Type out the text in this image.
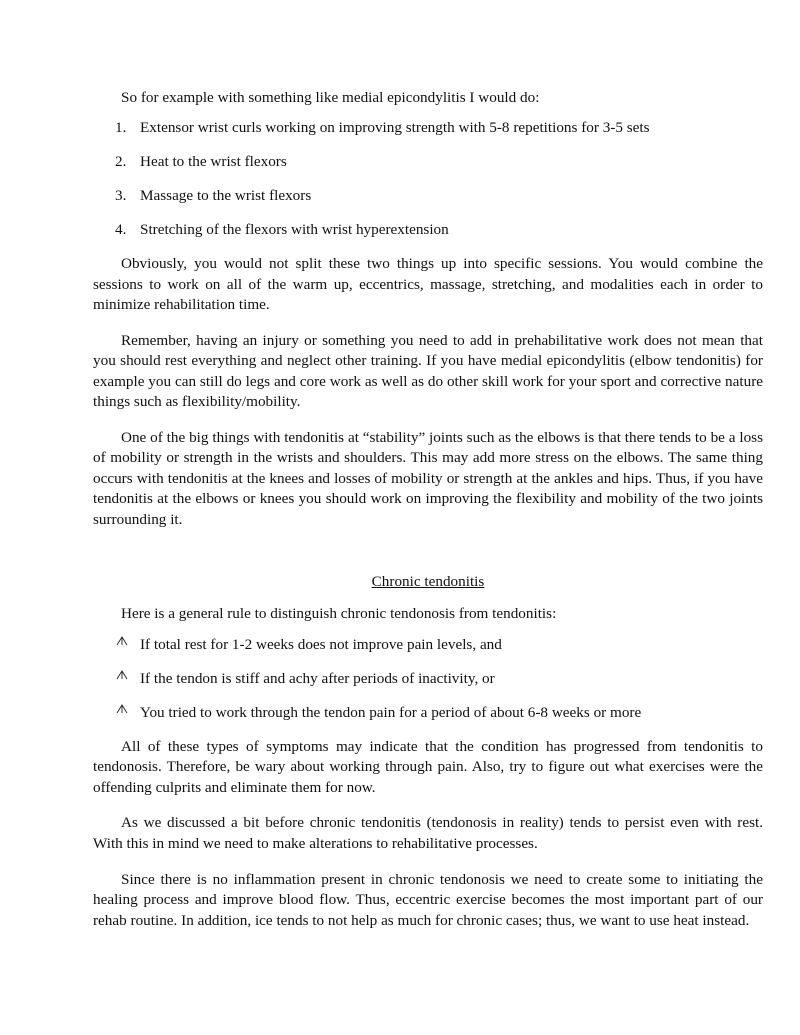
So for example with something like medial epicondylitis I would do:

1. Extensor wrist curls working on improving strength with 5-8 repetitions for 3-5 sets
2. Heat to the wrist flexors
3. Massage to the wrist flexors
4. Stretching of the flexors with wrist hyperextension

Obviously, you would not split these two things up into specific sessions. You would combine the sessions to work on all of the warm up, eccentrics, massage, stretching, and modalities each in order to minimize rehabilitation time.

Remember, having an injury or something you need to add in prehabilitative work does not mean that you should rest everything and neglect other training. If you have medial epicondylitis (elbow tendonitis) for example you can still do legs and core work as well as do other skill work for your sport and corrective nature things such as flexibility/mobility.

One of the big things with tendonitis at “stability” joints such as the elbows is that there tends to be a loss of mobility or strength in the wrists and shoulders. This may add more stress on the elbows. The same thing occurs with tendonitis at the knees and losses of mobility or strength at the ankles and hips. Thus, if you have tendonitis at the elbows or knees you should work on improving the flexibility and mobility of the two joints surrounding it.

Chronic tendonitis

Here is a general rule to distinguish chronic tendonosis from tendonitis:

If total rest for 1-2 weeks does not improve pain levels, and
If the tendon is stiff and achy after periods of inactivity, or
You tried to work through the tendon pain for a period of about 6-8 weeks or more

All of these types of symptoms may indicate that the condition has progressed from tendonitis to tendonosis. Therefore, be wary about working through pain. Also, try to figure out what exercises were the offending culprits and eliminate them for now.

As we discussed a bit before chronic tendonitis (tendonosis in reality) tends to persist even with rest. With this in mind we need to make alterations to rehabilitative processes.

Since there is no inflammation present in chronic tendonosis we need to create some to initiating the healing process and improve blood flow. Thus, eccentric exercise becomes the most important part of our rehab routine. In addition, ice tends to not help as much for chronic cases; thus, we want to use heat instead.
